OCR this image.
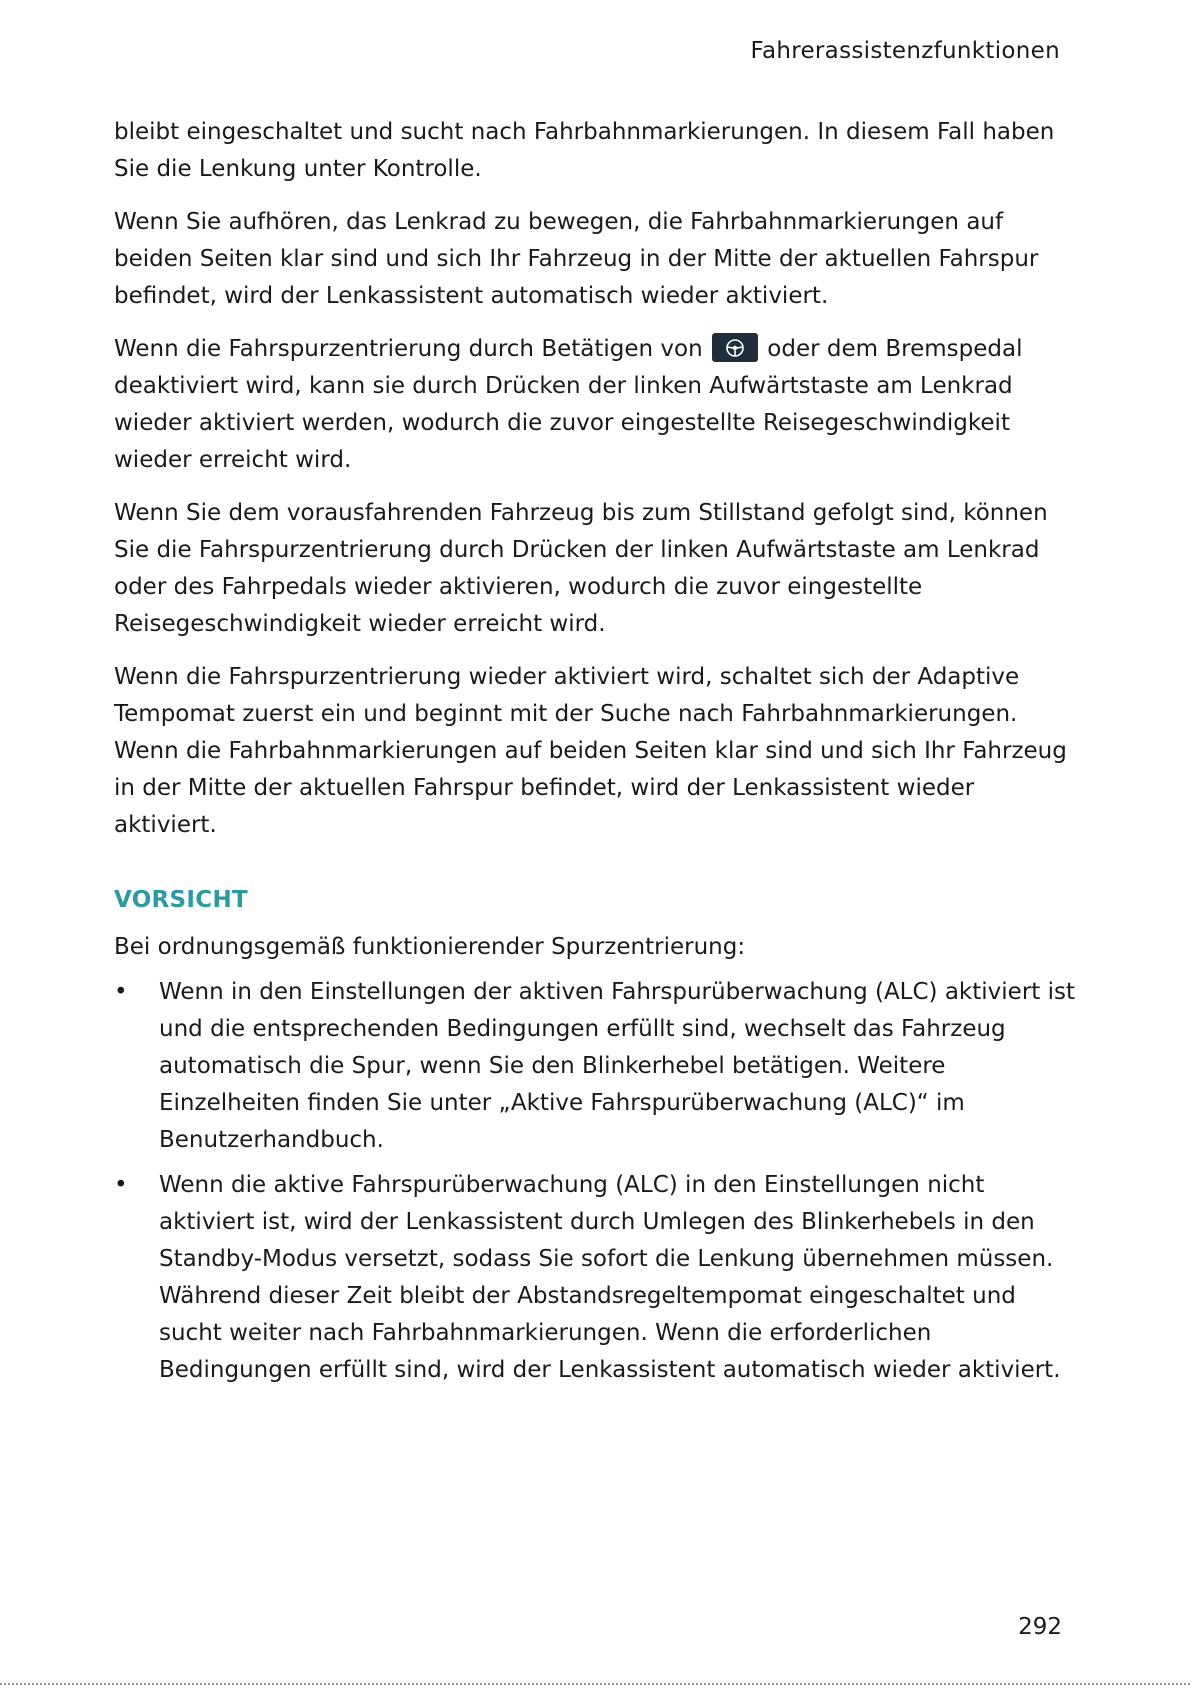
Fahrerassistenzfunktionen

bleibt eingeschaltet und sucht nach Fahrbahnmarkierungen. In diesem Fall haben Sie die Lenkung unter Kontrolle.

Wenn Sie aufhören, das Lenkrad zu bewegen, die Fahrbahnmarkierungen auf beiden Seiten klar sind und sich Ihr Fahrzeug in der Mitte der aktuellen Fahrspur befindet, wird der Lenkassistent automatisch wieder aktiviert.

Wenn die Fahrspurzentrierung durch Betätigen von	oder dem Bremspedal deaktiviert wird, kann sie durch Drücken der linken Aufwärtstaste am Lenkrad wieder aktiviert werden, wodurch die zuvor eingestellte Reisegeschwindigkeit wieder erreicht wird.

Wenn Sie dem vorausfahrenden Fahrzeug bis zum Stillstand gefolgt sind, können Sie die Fahrspurzentrierung durch Drücken der linken Aufwärtstaste am Lenkrad oder des Fahrpedals wieder aktivieren, wodurch die zuvor eingestellte Reisegeschwindigkeit wieder erreicht wird.

Wenn die Fahrspurzentrierung wieder aktiviert wird, schaltet sich der Adaptive Tempomat zuerst ein und beginnt mit der Suche nach Fahrbahnmarkierungen. Wenn die Fahrbahnmarkierungen auf beiden Seiten klar sind und sich Ihr Fahrzeug in der Mitte der aktuellen Fahrspur befindet, wird der Lenkassistent wieder aktiviert.

VORSICHT
Bei ordnungsgemäß funktionierender Spurzentrierung:
• Wenn in den Einstellungen der aktiven Fahrspurüberwachung (ALC) aktiviert ist und die entsprechenden Bedingungen erfüllt sind, wechselt das Fahrzeug automatisch die Spur, wenn Sie den Blinkerhebel betätigen. Weitere Einzelheiten finden Sie unter „Aktive Fahrspurüberwachung (ALC)“ im Benutzerhandbuch.
• Wenn die aktive Fahrspurüberwachung (ALC) in den Einstellungen nicht aktiviert ist, wird der Lenkassistent durch Umlegen des Blinkerhebels in den Standby-Modus versetzt, sodass Sie sofort die Lenkung übernehmen müssen. Während dieser Zeit bleibt der Abstandsregeltempomat eingeschaltet und sucht weiter nach Fahrbahnmarkierungen. Wenn die erforderlichen Bedingungen erfüllt sind, wird der Lenkassistent automatisch wieder aktiviert.
292
